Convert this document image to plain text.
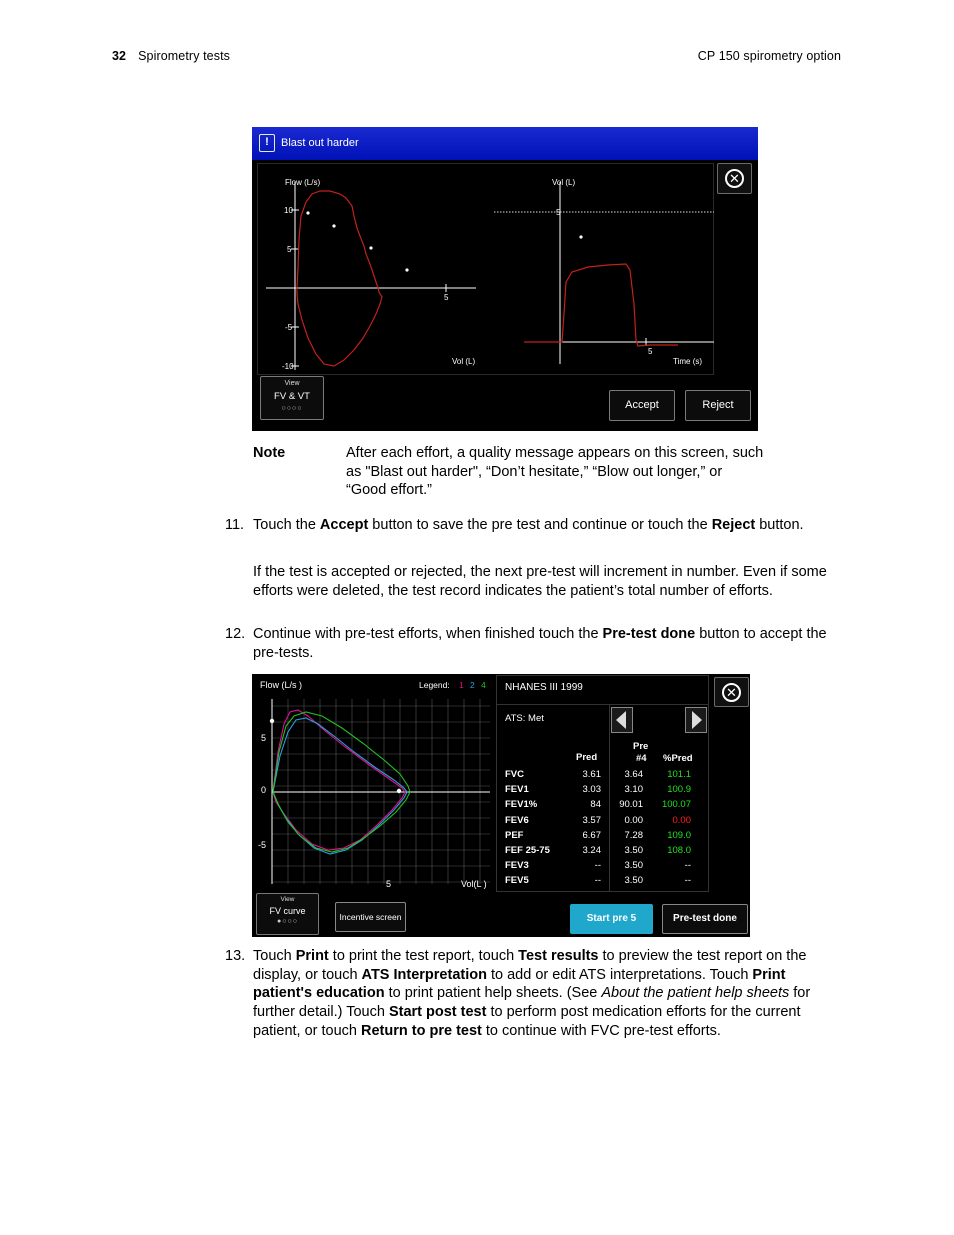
32 Spirometry tests	CP 150 spirometry option
!	Blast out harder
Flow (L/s)
10
5
-5
-10
5
Vol (L)
Vol (L)
5
5
Time (s)
✕
View
FV & VT
○○○○	Accept	Reject
Note	After each effort, a quality message appears on this screen, such as "Blast out harder", “Don’t hesitate,” “Blow out longer,” or “Good effort.”
11. Touch the Accept button to save the pre test and continue or touch the Reject button.
If the test is accepted or rejected, the next pre-test will increment in number. Even if some efforts were deleted, the test record indicates the patient’s total number of efforts.
12. Continue with pre-test efforts, when finished touch the Pre-test done button to accept the pre-tests.
Flow (L/s )	Legend: 1 2 4
5
0
-5
5	Vol(L )
NHANES III 1999
ATS: Met
Pred
Pre
#4 %Pred
FVC	3.61 3.64	101.1
FEV1	3.03 3.10	100.9
FEV1%	84 90.01 100.07
FEV6	3.57 0.00	0.00
PEF	6.67 7.28	109.0
FEF 25-75	3.24 3.50	108.0
FEV3	-- 3.50	--
FEV5	-- 3.50	--
✕
View
FV curve
●○○○	Incentive screen	Start pre 5	Pre-test done
13. Touch Print to print the test report, touch Test results to preview the test report on the display, or touch ATS Interpretation to add or edit ATS interpretations. Touch Print patient's education to print patient help sheets. (See About the patient help sheets for further detail.) Touch Start post test to perform post medication efforts for the current patient, or touch Return to pre test to continue with FVC pre-test efforts.
